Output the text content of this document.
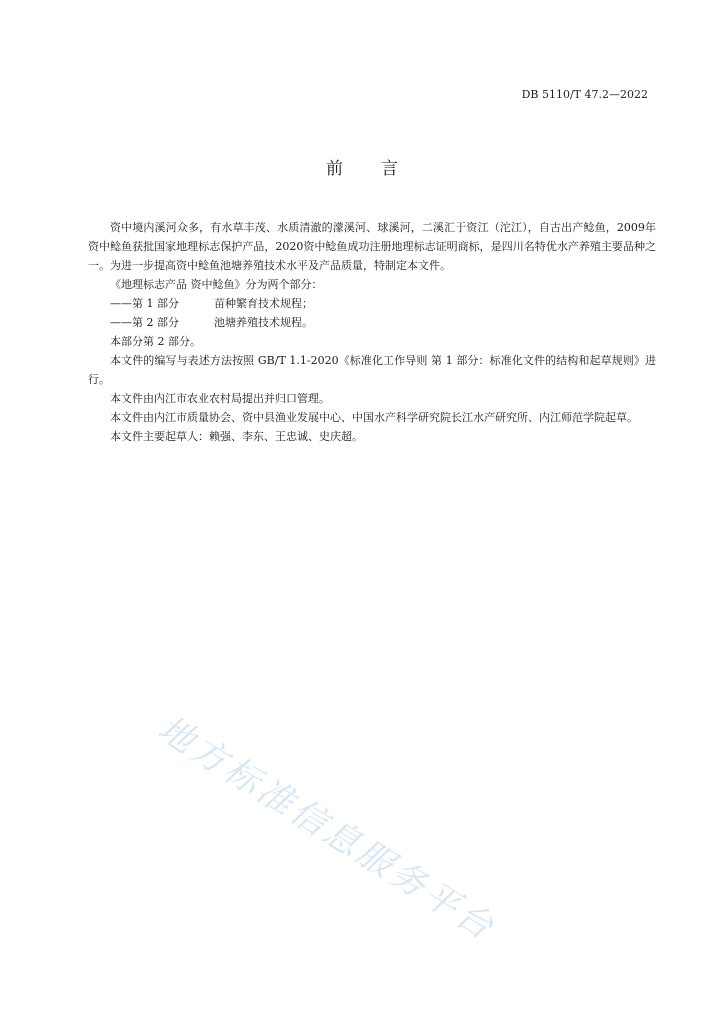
DB 5110/T 47.2—2022
前 言

资中境内溪河众多，有水草丰茂、水质清澈的濛溪河、球溪河，二溪汇于资江（沱江），自古出产鲶鱼，2009年资中鲶鱼获批国家地理标志保护产品，2020资中鲶鱼成功注册地理标志证明商标，是四川名特优水产养殖主要品种之一。为进一步提高资中鲶鱼池塘养殖技术水平及产品质量，特制定本文件。

《地理标志产品 资中鲶鱼》分为两个部分：

——第 1 部分	苗种繁育技术规程；

——第 2 部分	池塘养殖技术规程。

本部分第 2 部分。

本文件的编写与表述方法按照 GB/T 1.1-2020《标准化工作导则 第 1 部分：标准化文件的结构和起草规则》进行。

本文件由内江市农业农村局提出并归口管理。

本文件由内江市质量协会、资中县渔业发展中心、中国水产科学研究院长江水产研究所、内江师范学院起草。

本文件主要起草人：赖强、李东、王忠诚、史庆超。

地方标准信息服务平台
